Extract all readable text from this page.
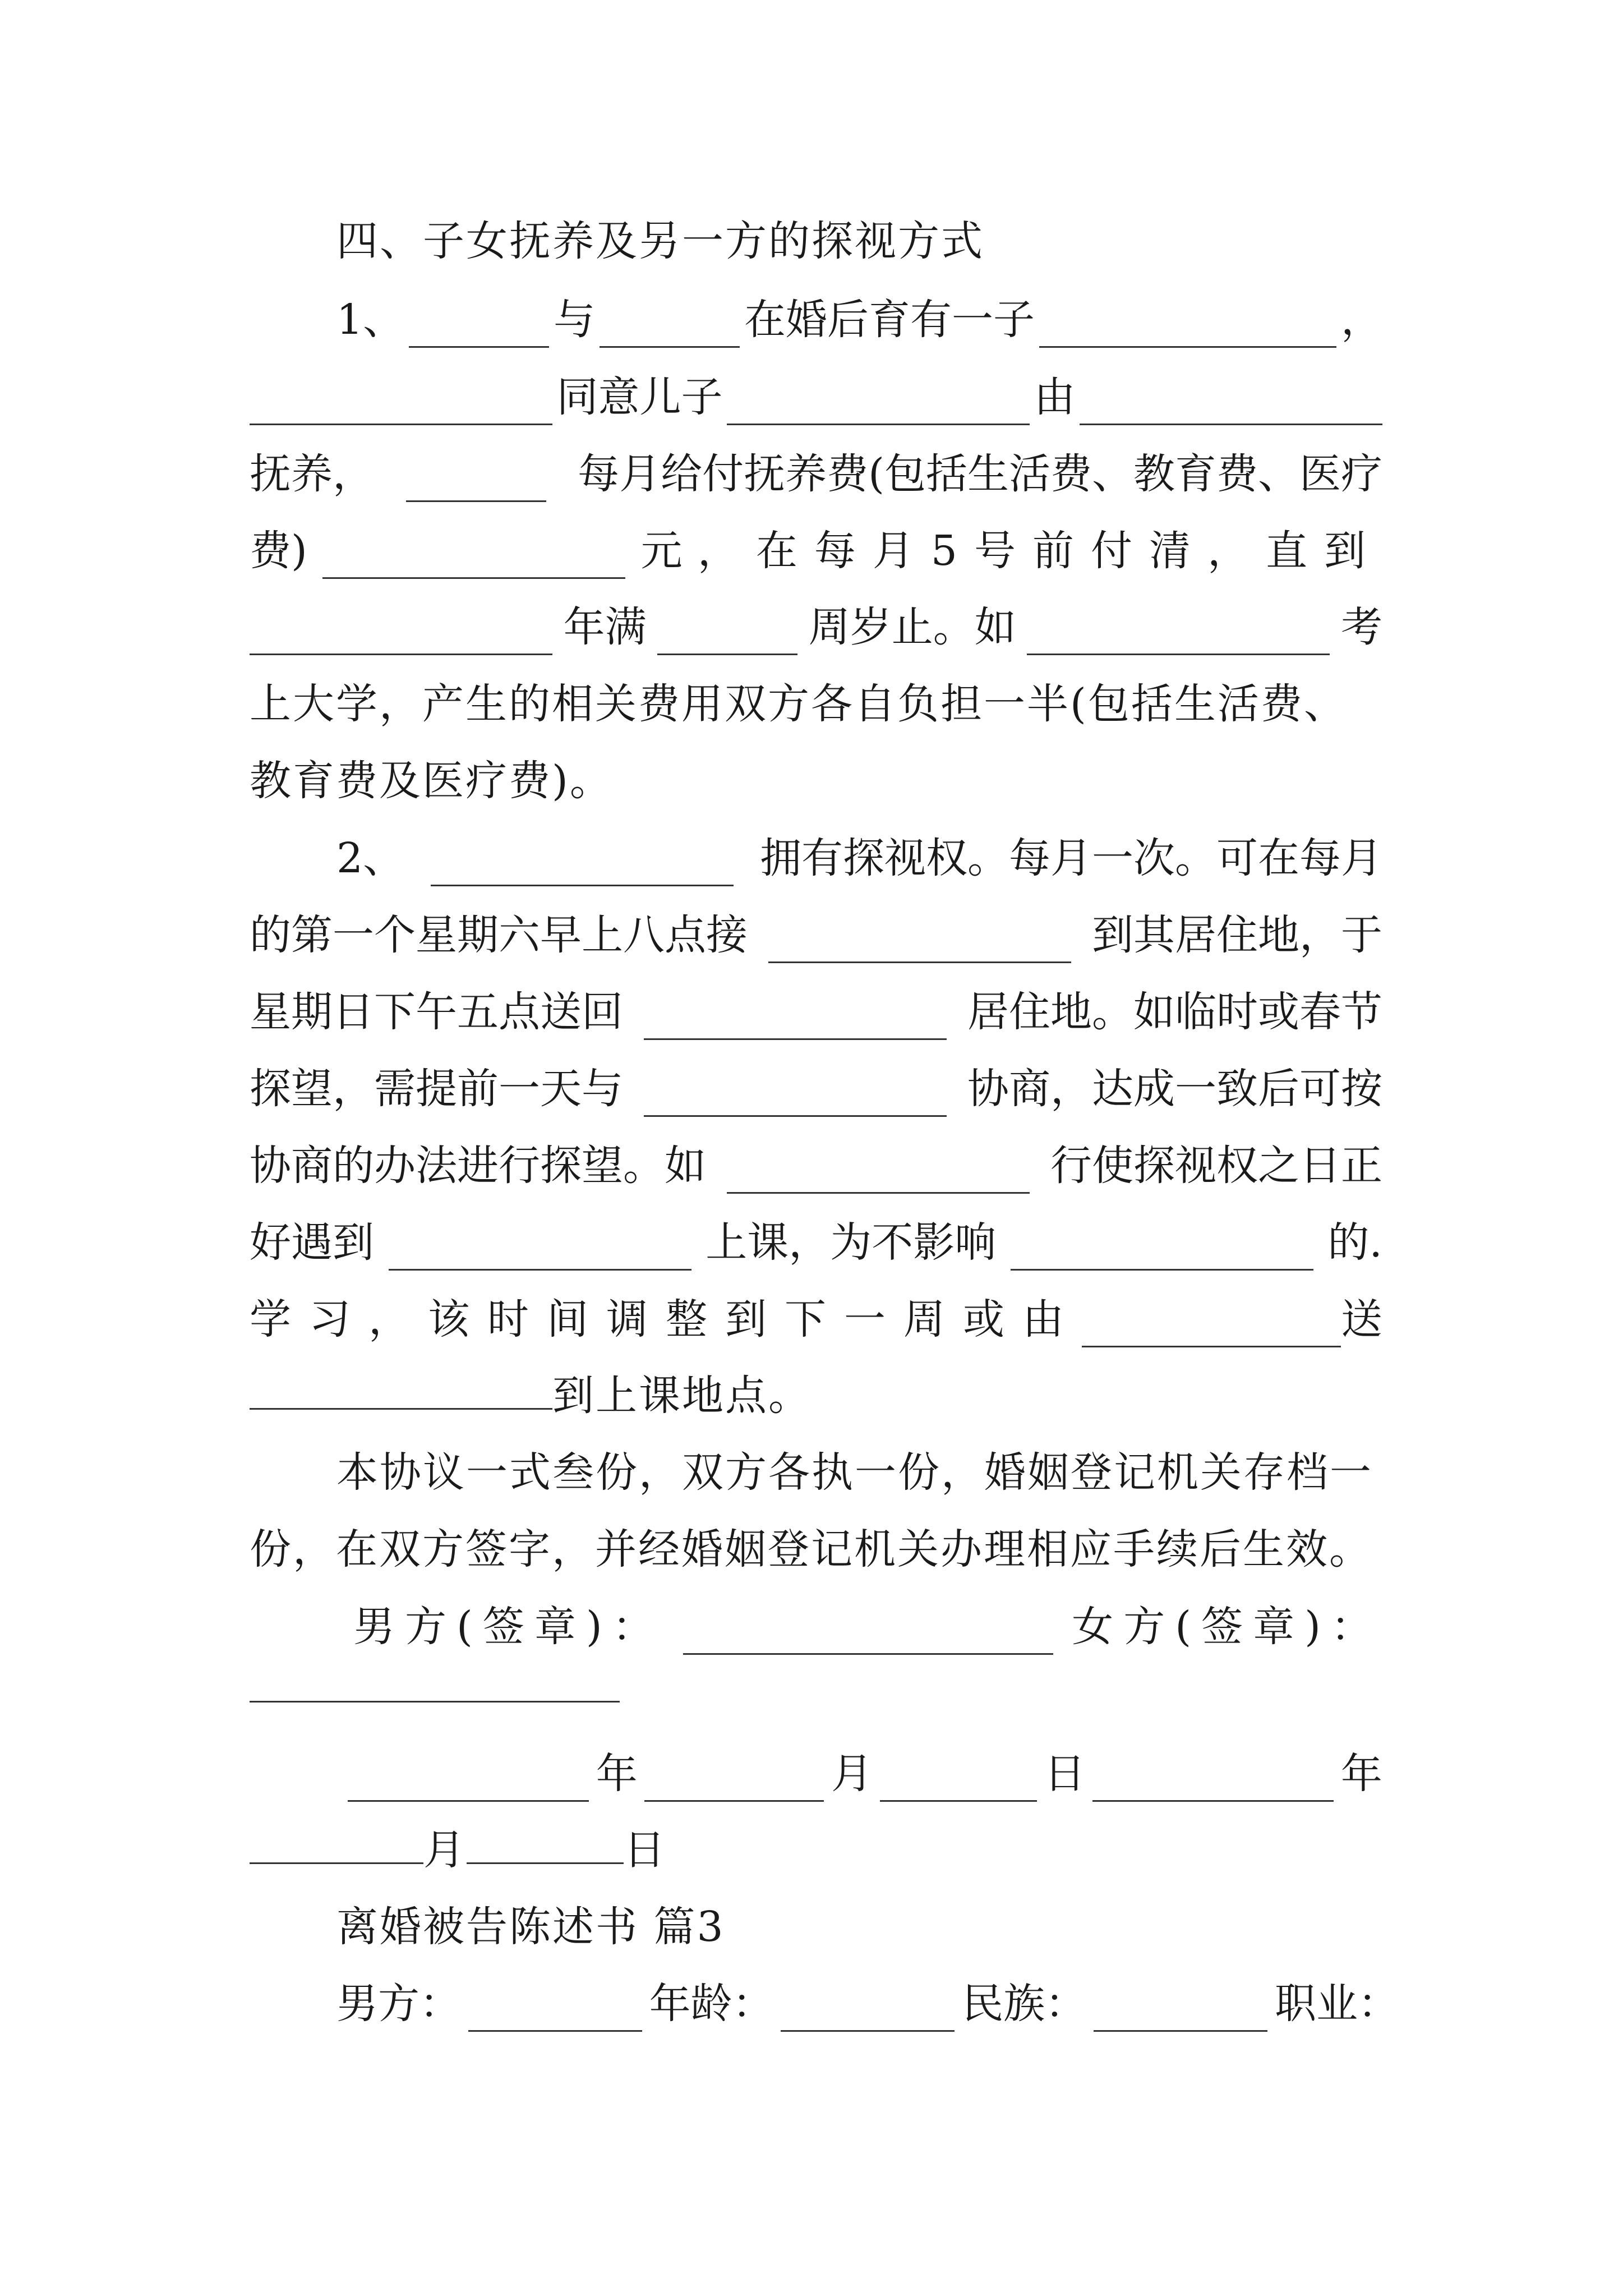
四、子女抚养及另一方的探视方式
1、	与	在婚后育有一子	，
同意儿子	由
抚养，	每月给付抚养费(包括生活费、教育费、医疗
费)	元 ，在每月5号前付清，直到
年满	周岁止。如	考
上大学，产生的相关费用双方各自负担一半(包括生活费、
教育费及医疗费)。
2、	拥有探视权。每月一次。可在每月
的第一个星期六早上八点接	到其居住地，于
星期日下午五点送回	居住地。如临时或春节
探望，需提前一天与	协商，达成一致后可按
协商的办法进行探望。如	行使探视权之日正
好遇到	上课，为不影响	的.
学习，该时间调整到下一周或由	送
到上课地点。
本协议一式叁份，双方各执一份，婚姻登记机关存档一
份，在双方签字，并经婚姻登记机关办理相应手续后生效。
男方(签章)：	女方(签章)：
年	月	日	年
月	日
离婚被告陈述书 篇3
男方：	年龄：	民族：	职业：
